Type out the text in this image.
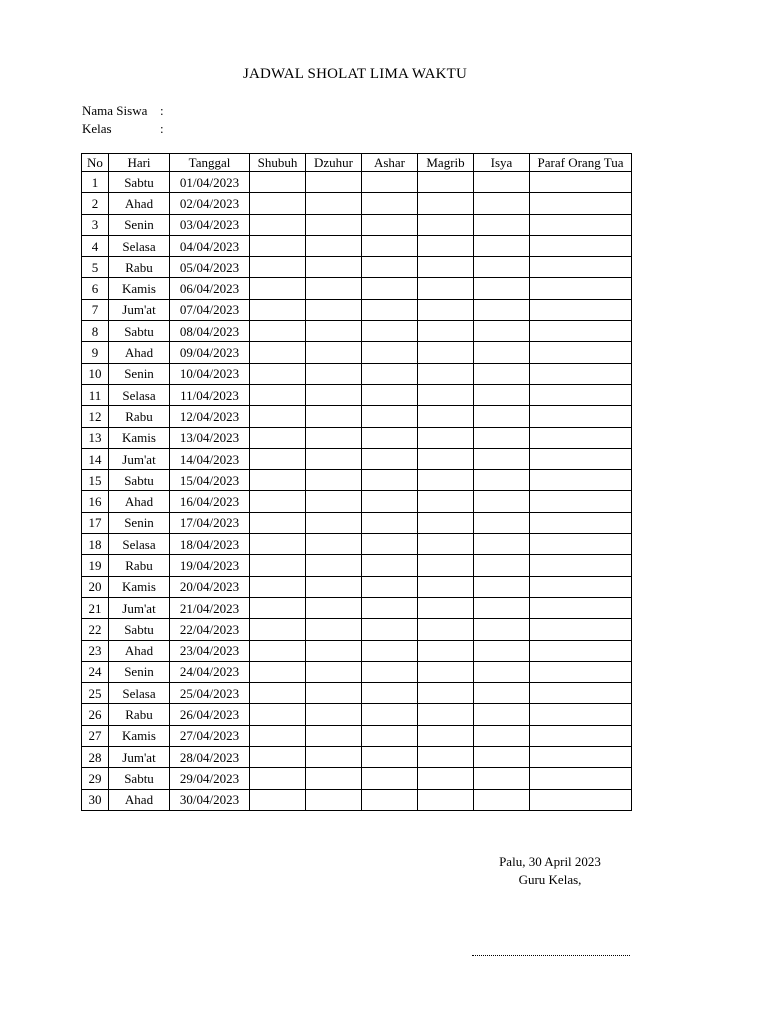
JADWAL SHOLAT LIMA WAKTU
Nama Siswa :
Kelas	:
No	Hari	Tanggal	Shubuh	Dzuhur	Ashar	Magrib	Isya	Paraf Orang Tua
1	Sabtu	01/04/2023						
2	Ahad	02/04/2023						
3	Senin	03/04/2023						
4	Selasa	04/04/2023						
5	Rabu	05/04/2023						
6	Kamis	06/04/2023						
7	Jum'at	07/04/2023						
8	Sabtu	08/04/2023						
9	Ahad	09/04/2023						
10	Senin	10/04/2023						
11	Selasa	11/04/2023						
12	Rabu	12/04/2023						
13	Kamis	13/04/2023						
14	Jum'at	14/04/2023						
15	Sabtu	15/04/2023						
16	Ahad	16/04/2023						
17	Senin	17/04/2023						
18	Selasa	18/04/2023						
19	Rabu	19/04/2023						
20	Kamis	20/04/2023						
21	Jum'at	21/04/2023						
22	Sabtu	22/04/2023						
23	Ahad	23/04/2023						
24	Senin	24/04/2023						
25	Selasa	25/04/2023						
26	Rabu	26/04/2023						
27	Kamis	27/04/2023						
28	Jum'at	28/04/2023						
29	Sabtu	29/04/2023						
30	Ahad	30/04/2023						
Palu, 30 April 2023
Guru Kelas,
